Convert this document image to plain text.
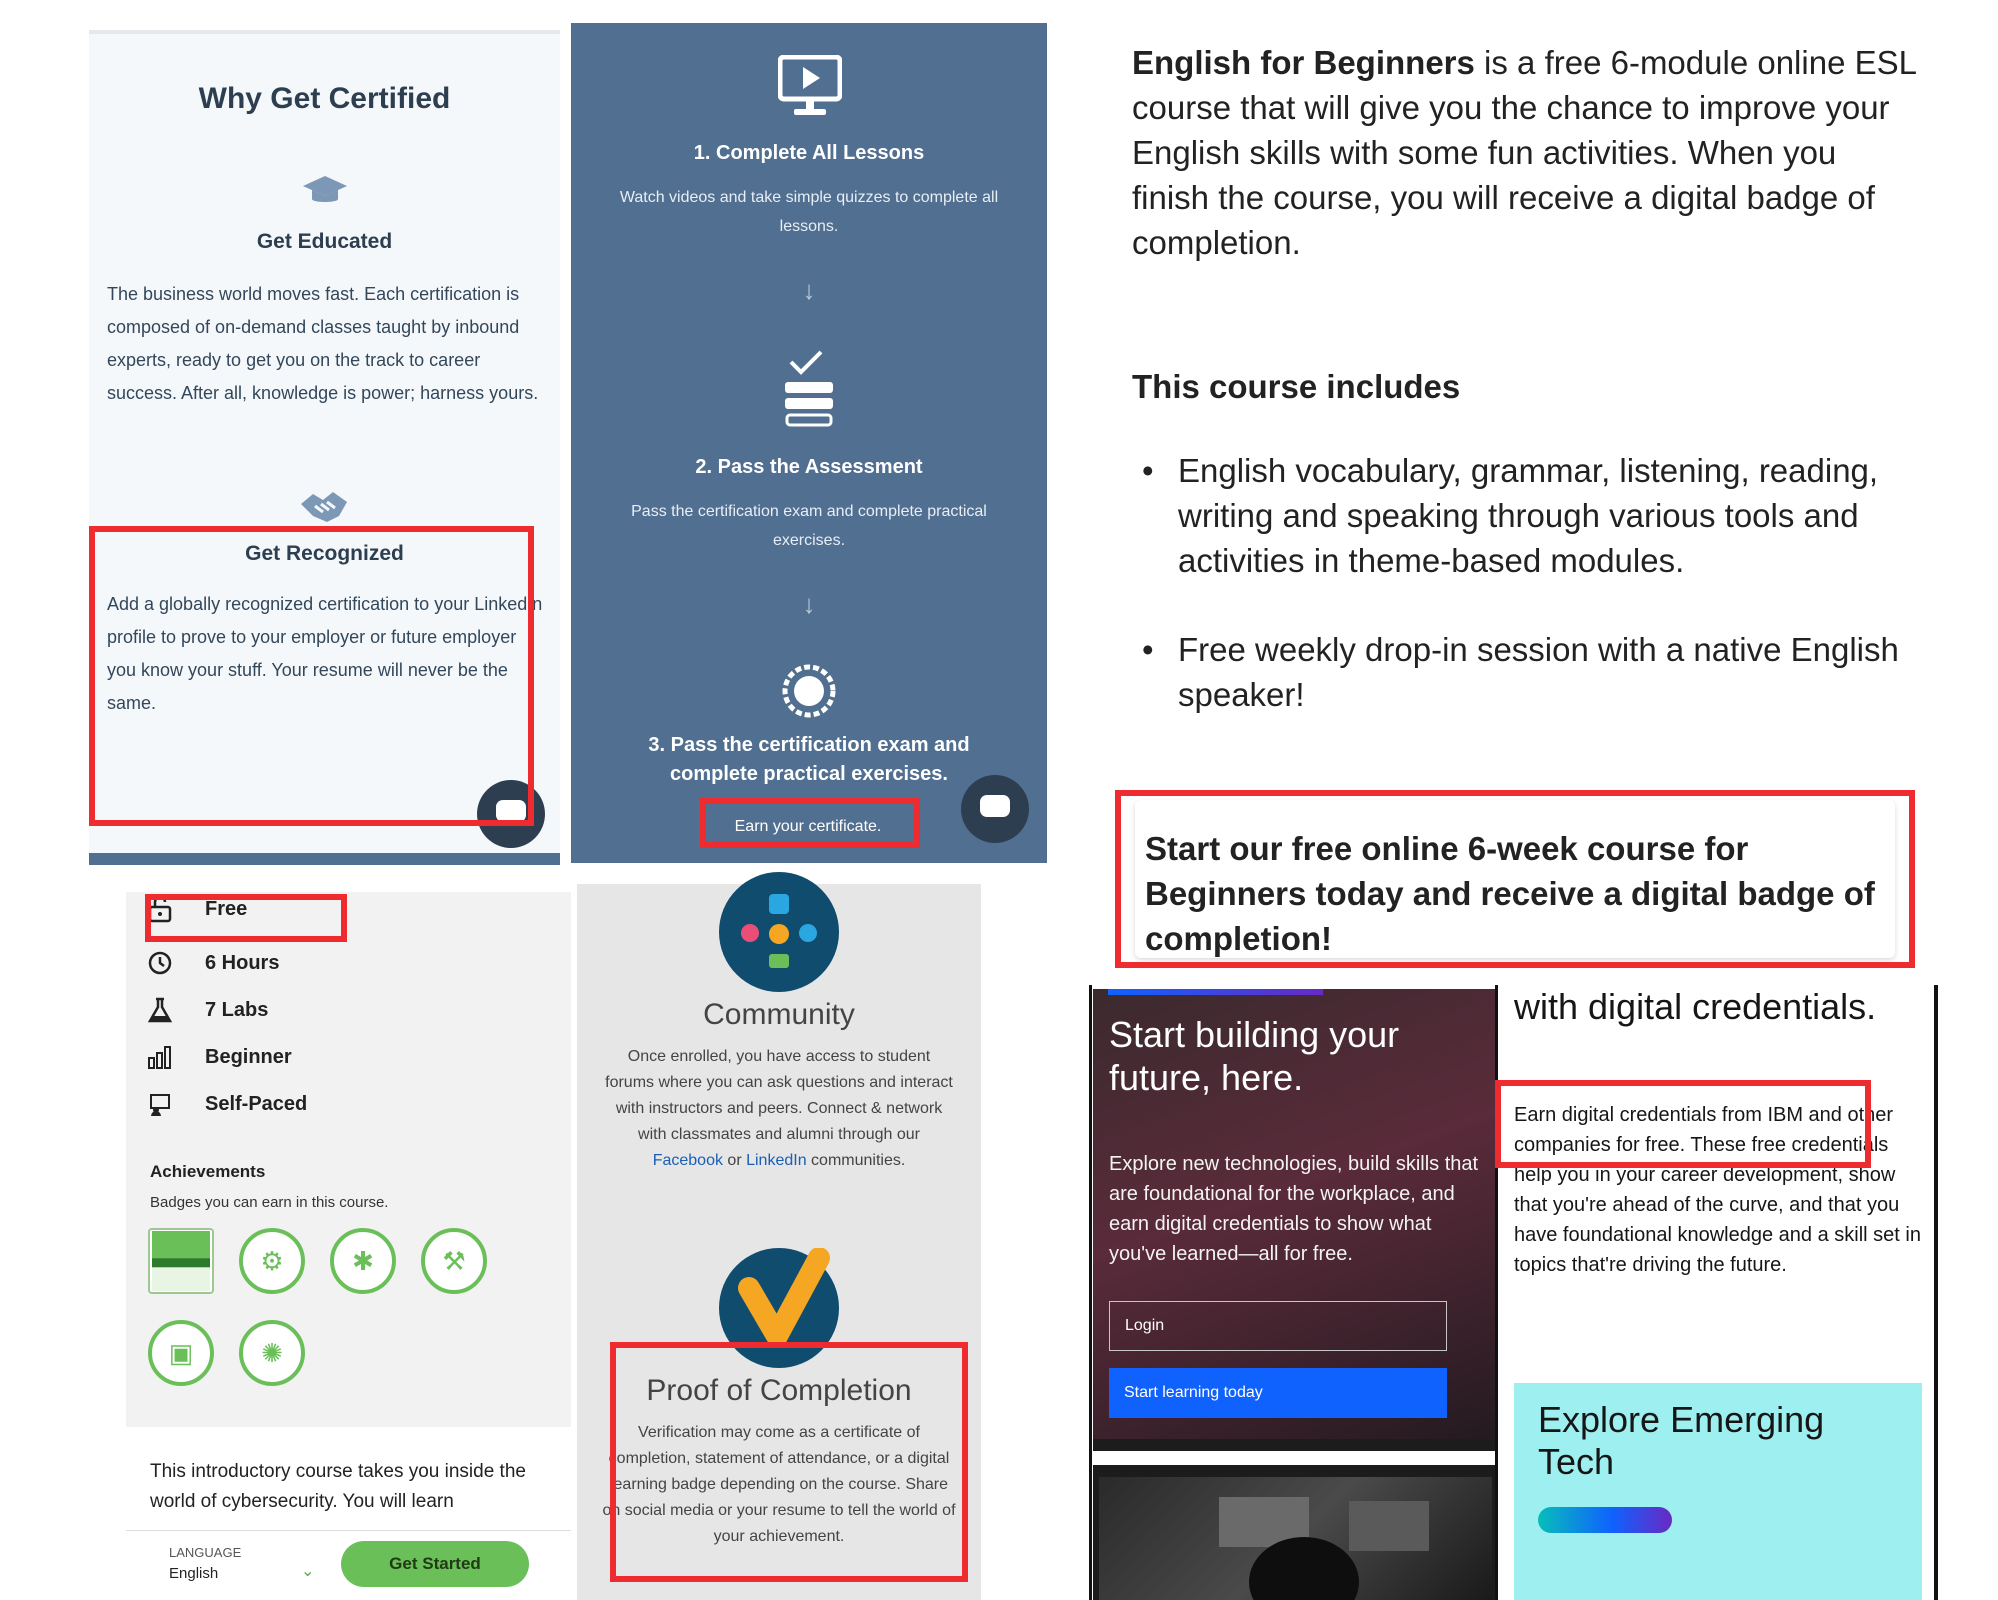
Why Get Certified
Get Educated
The business world moves fast. Each certification is composed of on-demand classes taught by inbound experts, ready to get you on the track to career success. After all, knowledge is power; harness yours.
Get Recognized
Add a globally recognized certification to your LinkedIn profile to prove to your employer or future employer you know your stuff. Your resume will never be the same.
1. Complete All Lessons
Watch videos and take simple quizzes to complete all lessons.
↓
2. Pass the Assessment
Pass the certification exam and complete practical exercises.
↓
3. Pass the certification exam and complete practical exercises.
Earn your certificate.
English for Beginners is a free 6-module online ESL course that will give you the chance to improve your English skills with some fun activities. When you finish the course, you will receive a digital badge of completion.
This course includes
• English vocabulary, grammar, listening, reading, writing and speaking through various tools and activities in theme-based modules.
• Free weekly drop-in session with a native English speaker!
Start our free online 6-week course for Beginners today and receive a digital badge of completion!
Free
6 Hours
7 Labs
Beginner
Self-Paced
Achievements
Badges you can earn in this course.
⚙	✱	⚒
▣	✺
This introductory course takes you inside the world of cybersecurity. You will learn
LANGUAGE
English	⌄	Get Started
Community
Once enrolled, you have access to student forums where you can ask questions and interact with instructors and peers. Connect & network with classmates and alumni through our Facebook or LinkedIn communities.
Proof of Completion
Verification may come as a certificate of completion, statement of attendance, or a digital learning badge depending on the course. Share on social media or your resume to tell the world of your achievement.
Start building your future, here.
Explore new technologies, build skills that are foundational for the workplace, and earn digital credentials to show what you've learned—all for free.
Login
Start learning today
with digital credentials.
Earn digital credentials from IBM and other companies for free. These free credentials help you in your career development, show that you're ahead of the curve, and that you have foundational knowledge and a skill set in topics that're driving the future.
Explore Emerging Tech
